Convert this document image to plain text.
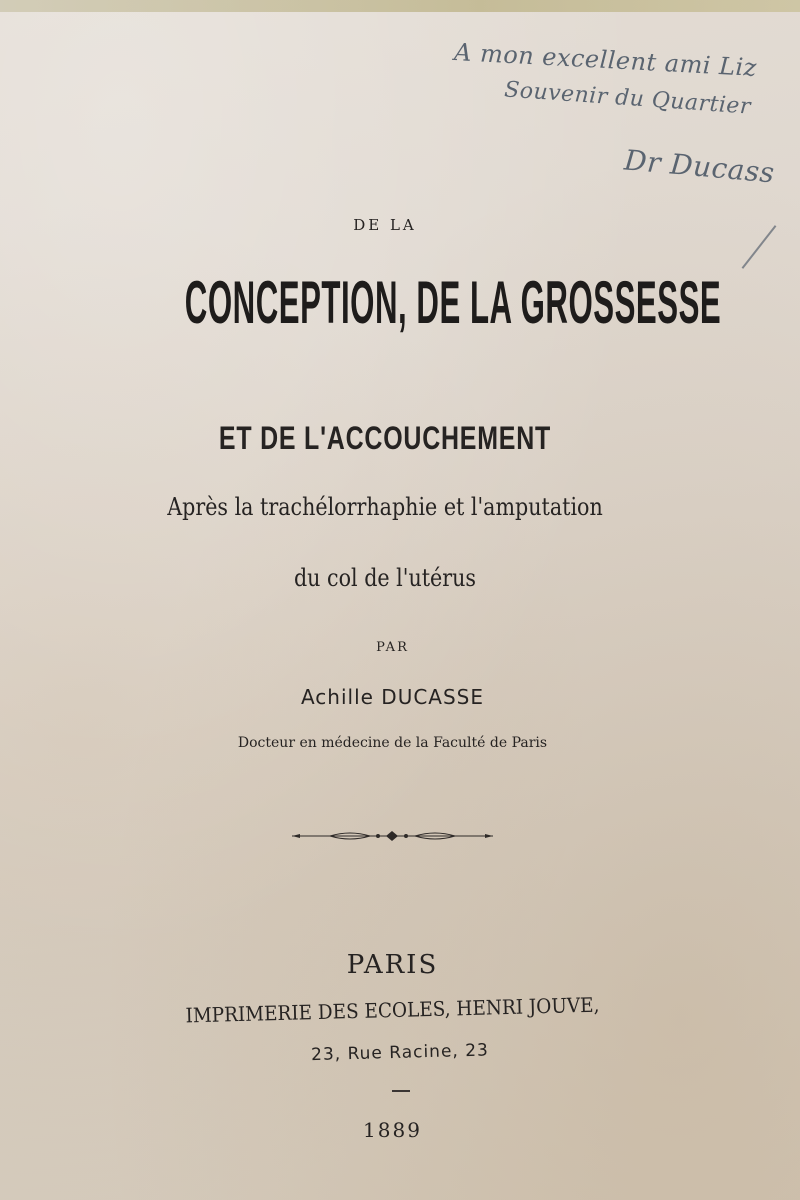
A mon excellent ami Liz
Souvenir du Quartier
Dr Ducass
DE LA
CONCEPTION, DE LA GROSSESSE
ET DE L'ACCOUCHEMENT
Après la trachélorrhaphie et l'amputation
du col de l'utérus
PAR
Achille DUCASSE
Docteur en médecine de la Faculté de Paris
PARIS
IMPRIMERIE DES ECOLES, HENRI JOUVE,
23, Rue Racine, 23
1889
